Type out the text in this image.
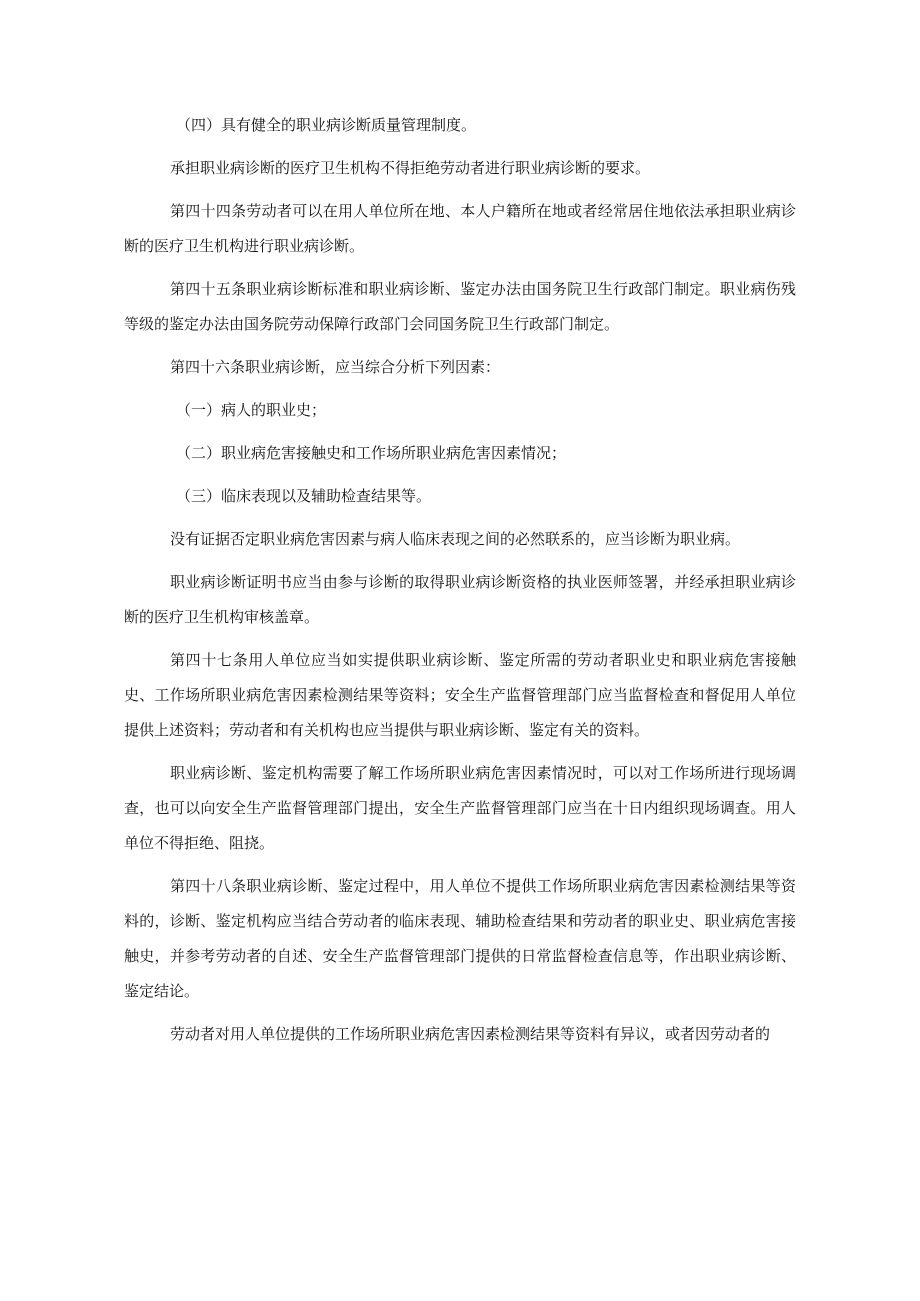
（四）具有健全的职业病诊断质量管理制度。

承担职业病诊断的医疗卫生机构不得拒绝劳动者进行职业病诊断的要求。

第四十四条劳动者可以在用人单位所在地、本人户籍所在地或者经常居住地依法承担职业病诊断的医疗卫生机构进行职业病诊断。

第四十五条职业病诊断标准和职业病诊断、鉴定办法由国务院卫生行政部门制定。职业病伤残等级的鉴定办法由国务院劳动保障行政部门会同国务院卫生行政部门制定。

第四十六条职业病诊断，应当综合分析下列因素：

（一）病人的职业史；

（二）职业病危害接触史和工作场所职业病危害因素情况；

（三）临床表现以及辅助检查结果等。

没有证据否定职业病危害因素与病人临床表现之间的必然联系的，应当诊断为职业病。

职业病诊断证明书应当由参与诊断的取得职业病诊断资格的执业医师签署，并经承担职业病诊断的医疗卫生机构审核盖章。

第四十七条用人单位应当如实提供职业病诊断、鉴定所需的劳动者职业史和职业病危害接触史、工作场所职业病危害因素检测结果等资料；安全生产监督管理部门应当监督检查和督促用人单位提供上述资料；劳动者和有关机构也应当提供与职业病诊断、鉴定有关的资料。

职业病诊断、鉴定机构需要了解工作场所职业病危害因素情况时，可以对工作场所进行现场调查，也可以向安全生产监督管理部门提出，安全生产监督管理部门应当在十日内组织现场调查。用人单位不得拒绝、阻挠。

第四十八条职业病诊断、鉴定过程中，用人单位不提供工作场所职业病危害因素检测结果等资料的，诊断、鉴定机构应当结合劳动者的临床表现、辅助检查结果和劳动者的职业史、职业病危害接触史，并参考劳动者的自述、安全生产监督管理部门提供的日常监督检查信息等，作出职业病诊断、鉴定结论。

劳动者对用人单位提供的工作场所职业病危害因素检测结果等资料有异议，或者因劳动者的
